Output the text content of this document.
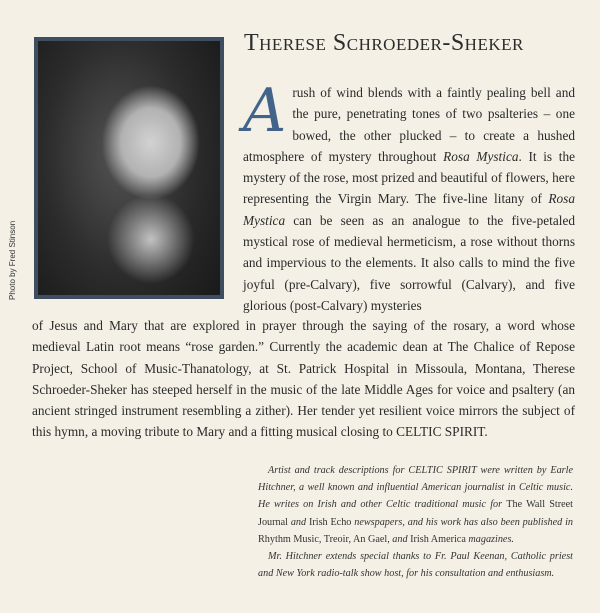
Photo by Fred Stinson
Therese Schroeder-Sheker
A rush of wind blends with a faintly pealing bell and the pure, penetrating tones of two psalteries – one bowed, the other plucked – to create a hushed atmosphere of mystery throughout Rosa Mystica. It is the mystery of the rose, most prized and beautiful of flowers, here representing the Virgin Mary. The five-line litany of Rosa Mystica can be seen as an analogue to the five-petaled mystical rose of medieval hermeticism, a rose without thorns and impervious to the elements. It also calls to mind the five joyful (pre-Calvary), five sorrowful (Calvary), and five glorious (post-Calvary) mysteries
of Jesus and Mary that are explored in prayer through the saying of the rosary, a word whose medieval Latin root means “rose garden.” Currently the academic dean at The Chalice of Repose Project, School of Music-Thanatology, at St. Patrick Hospital in Missoula, Montana, Therese Schroeder-Sheker has steeped herself in the music of the late Middle Ages for voice and psaltery (an ancient stringed instrument resembling a zither). Her tender yet resilient voice mirrors the subject of this hymn, a moving tribute to Mary and a fitting musical closing to CELTIC SPIRIT.

Artist and track descriptions for CELTIC SPIRIT were written by Earle Hitchner, a well known and influential American journalist in Celtic music. He writes on Irish and other Celtic traditional music for The Wall Street Journal and Irish Echo newspapers, and his work has also been published in Rhythm Music, Treoir, An Gael, and Irish America magazines.

Mr. Hitchner extends special thanks to Fr. Paul Keenan, Catholic priest and New York radio-talk show host, for his consultation and enthusiasm.
